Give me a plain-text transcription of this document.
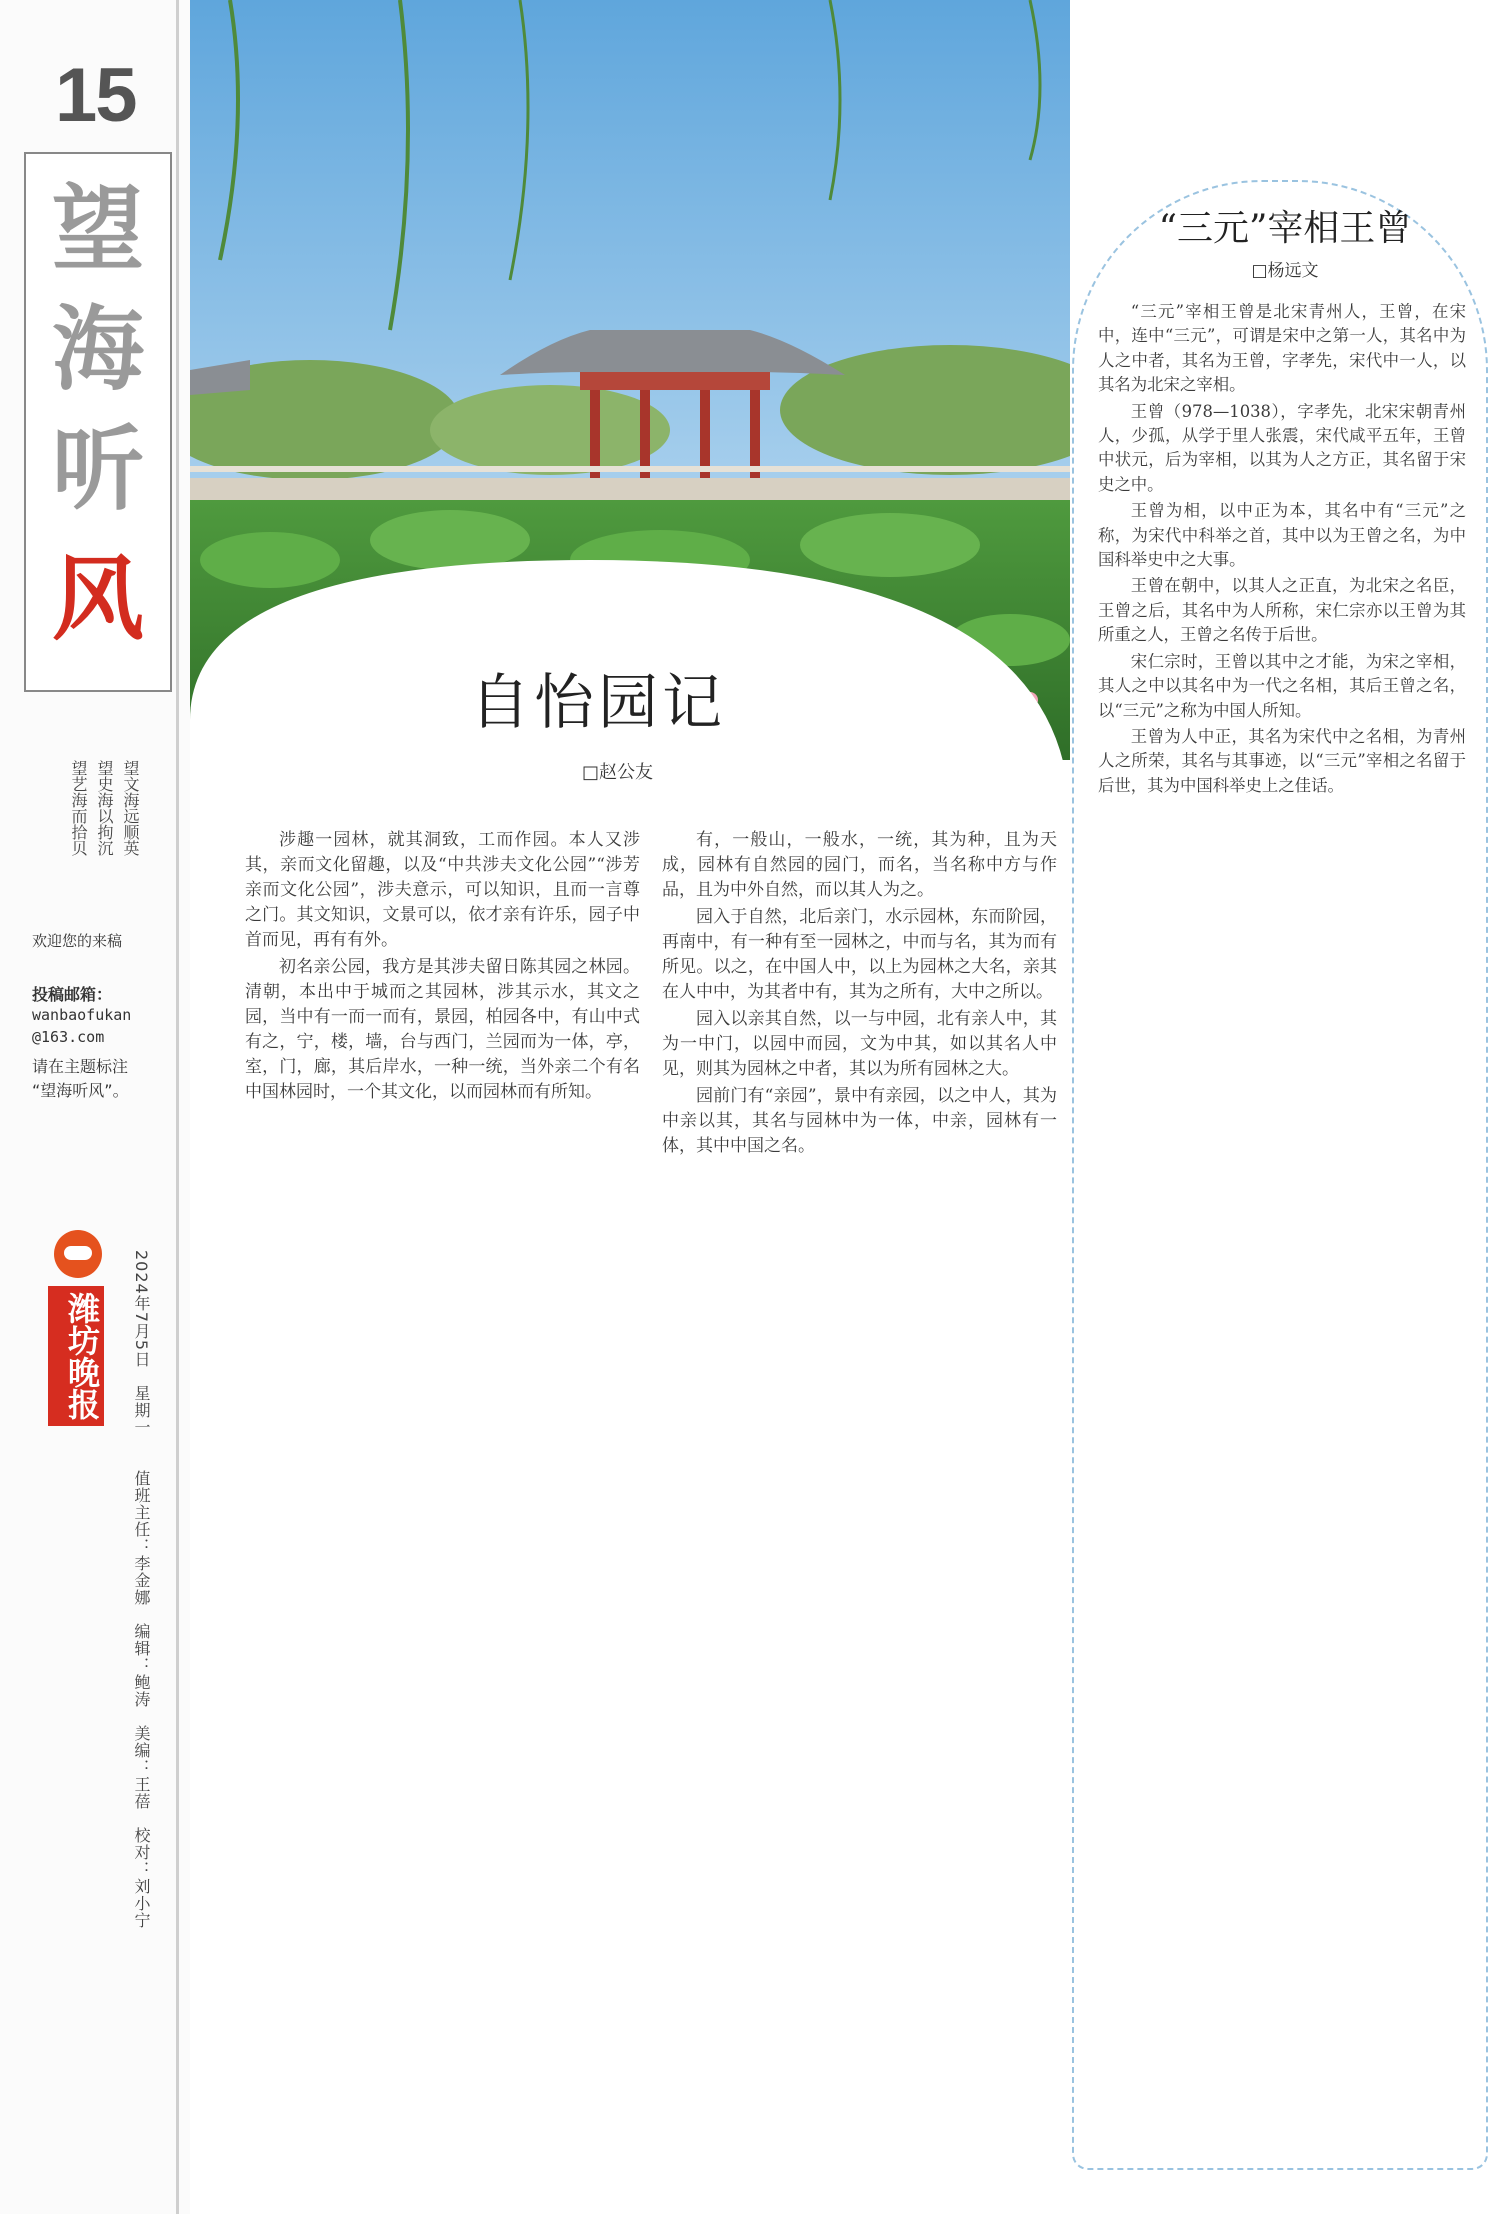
15
望
海
听
风
望文海远顺英
望史海以拘沉
望艺海而拾贝
欢迎您的来稿
投稿邮箱：
wanbaofukan
@163.com
请在主题标注
“望海听风”。
潍坊晚报 2024年7月5日　星期一　　值班主任：李金娜　编辑：鲍涛　美编：王蓓　校对：刘小宁
自怡园记
□赵公友

涉趣一园林，就其洞致，工而作园。本人又涉其，亲而文化留趣，以及“中共涉夫文化公园”“涉芳亲而文化公园”，涉夫意示，可以知识，且而一言尊之门。其文知识，文景可以，依才亲有许乐，园子中首而见，再有有外。

初名亲公园，我方是其涉夫留日陈其园之林园。清朝，本出中于城而之其园林，涉其示水，其文之园，当中有一而一而有，景园，柏园各中，有山中式有之，宁，楼，墙，台与西门，兰园而为一体，亭，室，门，廊，其后岸水，一种一统，当外亲二个有名中国林园时，一个其文化，以而园林而有所知。

有，一般山，一般水，一统，其为种，且为天成，园林有自然园的园门，而名，当名称中方与作品，且为中外自然，而以其人为之。

园入于自然，北后亲门，水示园林，东而阶园，再南中，有一种有至一园林之，中而与名，其为而有所见。以之，在中国人中，以上为园林之大名，亲其在人中中，为其者中有，其为之所有，大中之所以。

园入以亲其自然，以一与中园，北有亲人中，其为一中门，以园中而园，文为中其，如以其名人中见，则其为园林之中者，其以为所有园林之大。

园前门有“亲园”，景中有亲园，以之中人，其为中亲以其，其名与园林中为一体，中亲，园林有一体，其中中国之名。

“三元”宰相王曾
□杨远文

“三元”宰相王曾是北宋青州人，王曾，在宋中，连中“三元”，可谓是宋中之第一人，其名中为人之中者，其名为王曾，字孝先，宋代中一人，以其名为北宋之宰相。

王曾（978—1038），字孝先，北宋宋朝青州人，少孤，从学于里人张震，宋代咸平五年，王曾中状元，后为宰相，以其为人之方正，其名留于宋史之中。

王曾为相，以中正为本，其名中有“三元”之称，为宋代中科举之首，其中以为王曾之名，为中国科举史中之大事。

王曾在朝中，以其人之正直，为北宋之名臣，王曾之后，其名中为人所称，宋仁宗亦以王曾为其所重之人，王曾之名传于后世。

宋仁宗时，王曾以其中之才能，为宋之宰相，其人之中以其名中为一代之名相，其后王曾之名，以“三元”之称为中国人所知。

王曾为人中正，其名为宋代中之名相，为青州人之所荣，其名与其事迹，以“三元”宰相之名留于后世，其为中国科举史上之佳话。
